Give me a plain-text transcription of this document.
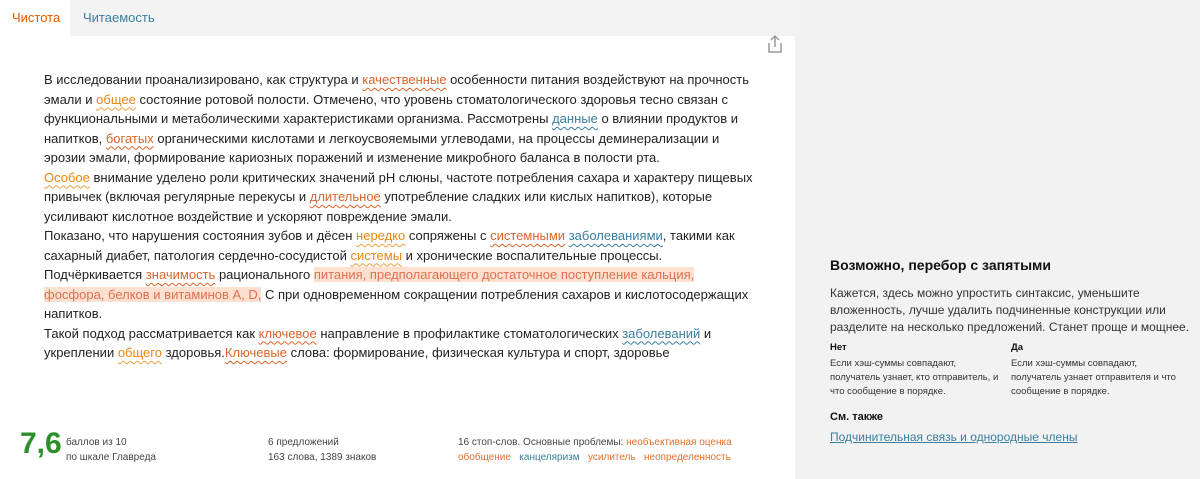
Чистота	Читаемость

В исследовании проанализировано, как структура и качественные особенности питания воздействуют на прочность эмали и общее состояние ротовой полости. Отмечено, что уровень стоматологического здоровья тесно связан с функциональными и метаболическими характеристиками организма. Рассмотрены данные о влиянии продуктов и напитков, богатых органическими кислотами и легкоусвояемыми углеводами, на процессы деминерализации и эрозии эмали, формирование кариозных поражений и изменение микробного баланса в полости рта.

Особое внимание уделено роли критических значений pH слюны, частоте потребления сахара и характеру пищевых привычек (включая регулярные перекусы и длительное употребление сладких или кислых напитков), которые усиливают кислотное воздействие и ускоряют повреждение эмали.

Показано, что нарушения состояния зубов и дёсен нередко сопряжены с системными заболеваниями, такими как сахарный диабет, патология сердечно-сосудистой системы и хронические воспалительные процессы. Подчёркивается значимость рационального питания, предполагающего достаточное поступление кальция, фосфора, белков и витаминов A, D, С при одновременном сокращении потребления сахаров и кислотосодержащих напитков.

Такой подход рассматривается как ключевое направление в профилактике стоматологических заболеваний и укреплении общего здоровья.Ключевые слова: формирование, физическая культура и спорт, здоровье

7,6 баллов из 10
по шкале Главреда
6 предложений
163 слова, 1389 знаков
16 стоп-слов. Основные проблемы: необъективная оценка
обобщение канцеляризм усилитель неопределенность
Возможно, перебор с запятыми
Кажется, здесь можно упростить синтаксис, уменьшите вложенность, лучше удалить подчиненные конструкции или разделите на несколько предложений. Станет проще и мощнее.
Нет
Если хэш-суммы совпадают, получатель узнает, кто отправитель, и что сообщение в порядке.
Да
Если хэш-суммы совпадают, получатель узнает отправителя и что сообщение в порядке.
См. также
Подчинительная связь и однородные члены
